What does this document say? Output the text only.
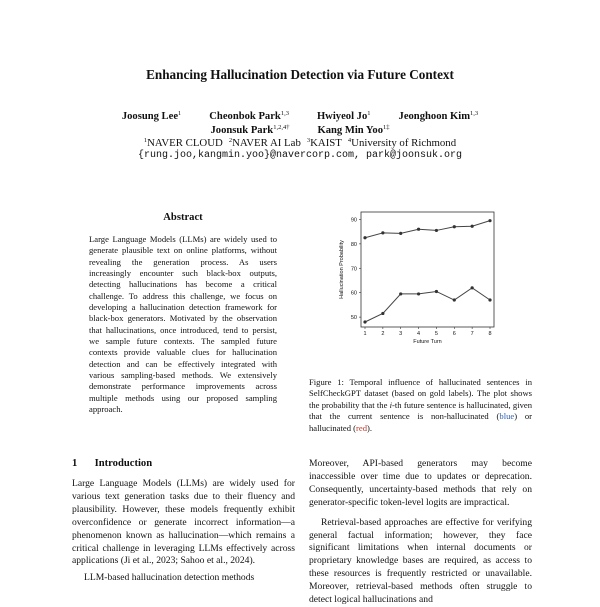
Enhancing Hallucination Detection via Future Context
Joosung Lee$^1$	Cheonbok Park$^{1,3}$	Hwiyeol Jo$^1$	Jeonghoon Kim$^{1,3}$
Joonsuk Park$^{1,2,4\dagger}$	Kang Min Yoo$^{1\ddagger}$
$^1$NAVER CLOUD $^2$NAVER AI Lab $^3$KAIST $^4$University of Richmond
{rung.joo,kangmin.yoo}@navercorp.com, park@joonsuk.org
Abstract
Large Language Models (LLMs) are widely used to generate plausible text on online platforms, without revealing the generation process. As users increasingly encounter such black-box outputs, detecting hallucinations has become a critical challenge. To address this challenge, we focus on developing a hallucination detection framework for black-box generators. Motivated by the observation that hallucinations, once introduced, tend to persist, we sample future contexts. The sampled future contexts provide valuable clues for hallucination detection and can be effectively integrated with various sampling-based methods. We extensively demonstrate performance improvements across multiple methods using our proposed sampling approach.
1 Introduction

Large Language Models (LLMs) are widely used for various text generation tasks due to their fluency and plausibility. However, these models frequently exhibit overconfidence or generate incorrect information—a phenomenon known as hallucination—which remains a critical challenge in leveraging LLMs effectively across applications (Ji et al., 2023; Sahoo et al., 2024).

LLM-based hallucination detection methods

50
60
70
80
90
1	2	3	4	5	6	7	8
Future Turn
Hallucination Probability
Figure 1: Temporal influence of hallucinated sentences in SelfCheckGPT dataset (based on gold labels). The plot shows the probability that the i-th future sentence is hallucinated, given that the current sentence is non-hallucinated (blue) or hallucinated (red).

Moreover, API-based generators may become inaccessible over time due to updates or deprecation. Consequently, uncertainty-based methods that rely on generator-specific token-level logits are impractical.

Retrieval-based approaches are effective for verifying general factual information; however, they face significant limitations when internal documents or proprietary knowledge bases are required, as access to these resources is frequently restricted or unavailable. Moreover, retrieval-based methods often struggle to detect logical hallucinations and
